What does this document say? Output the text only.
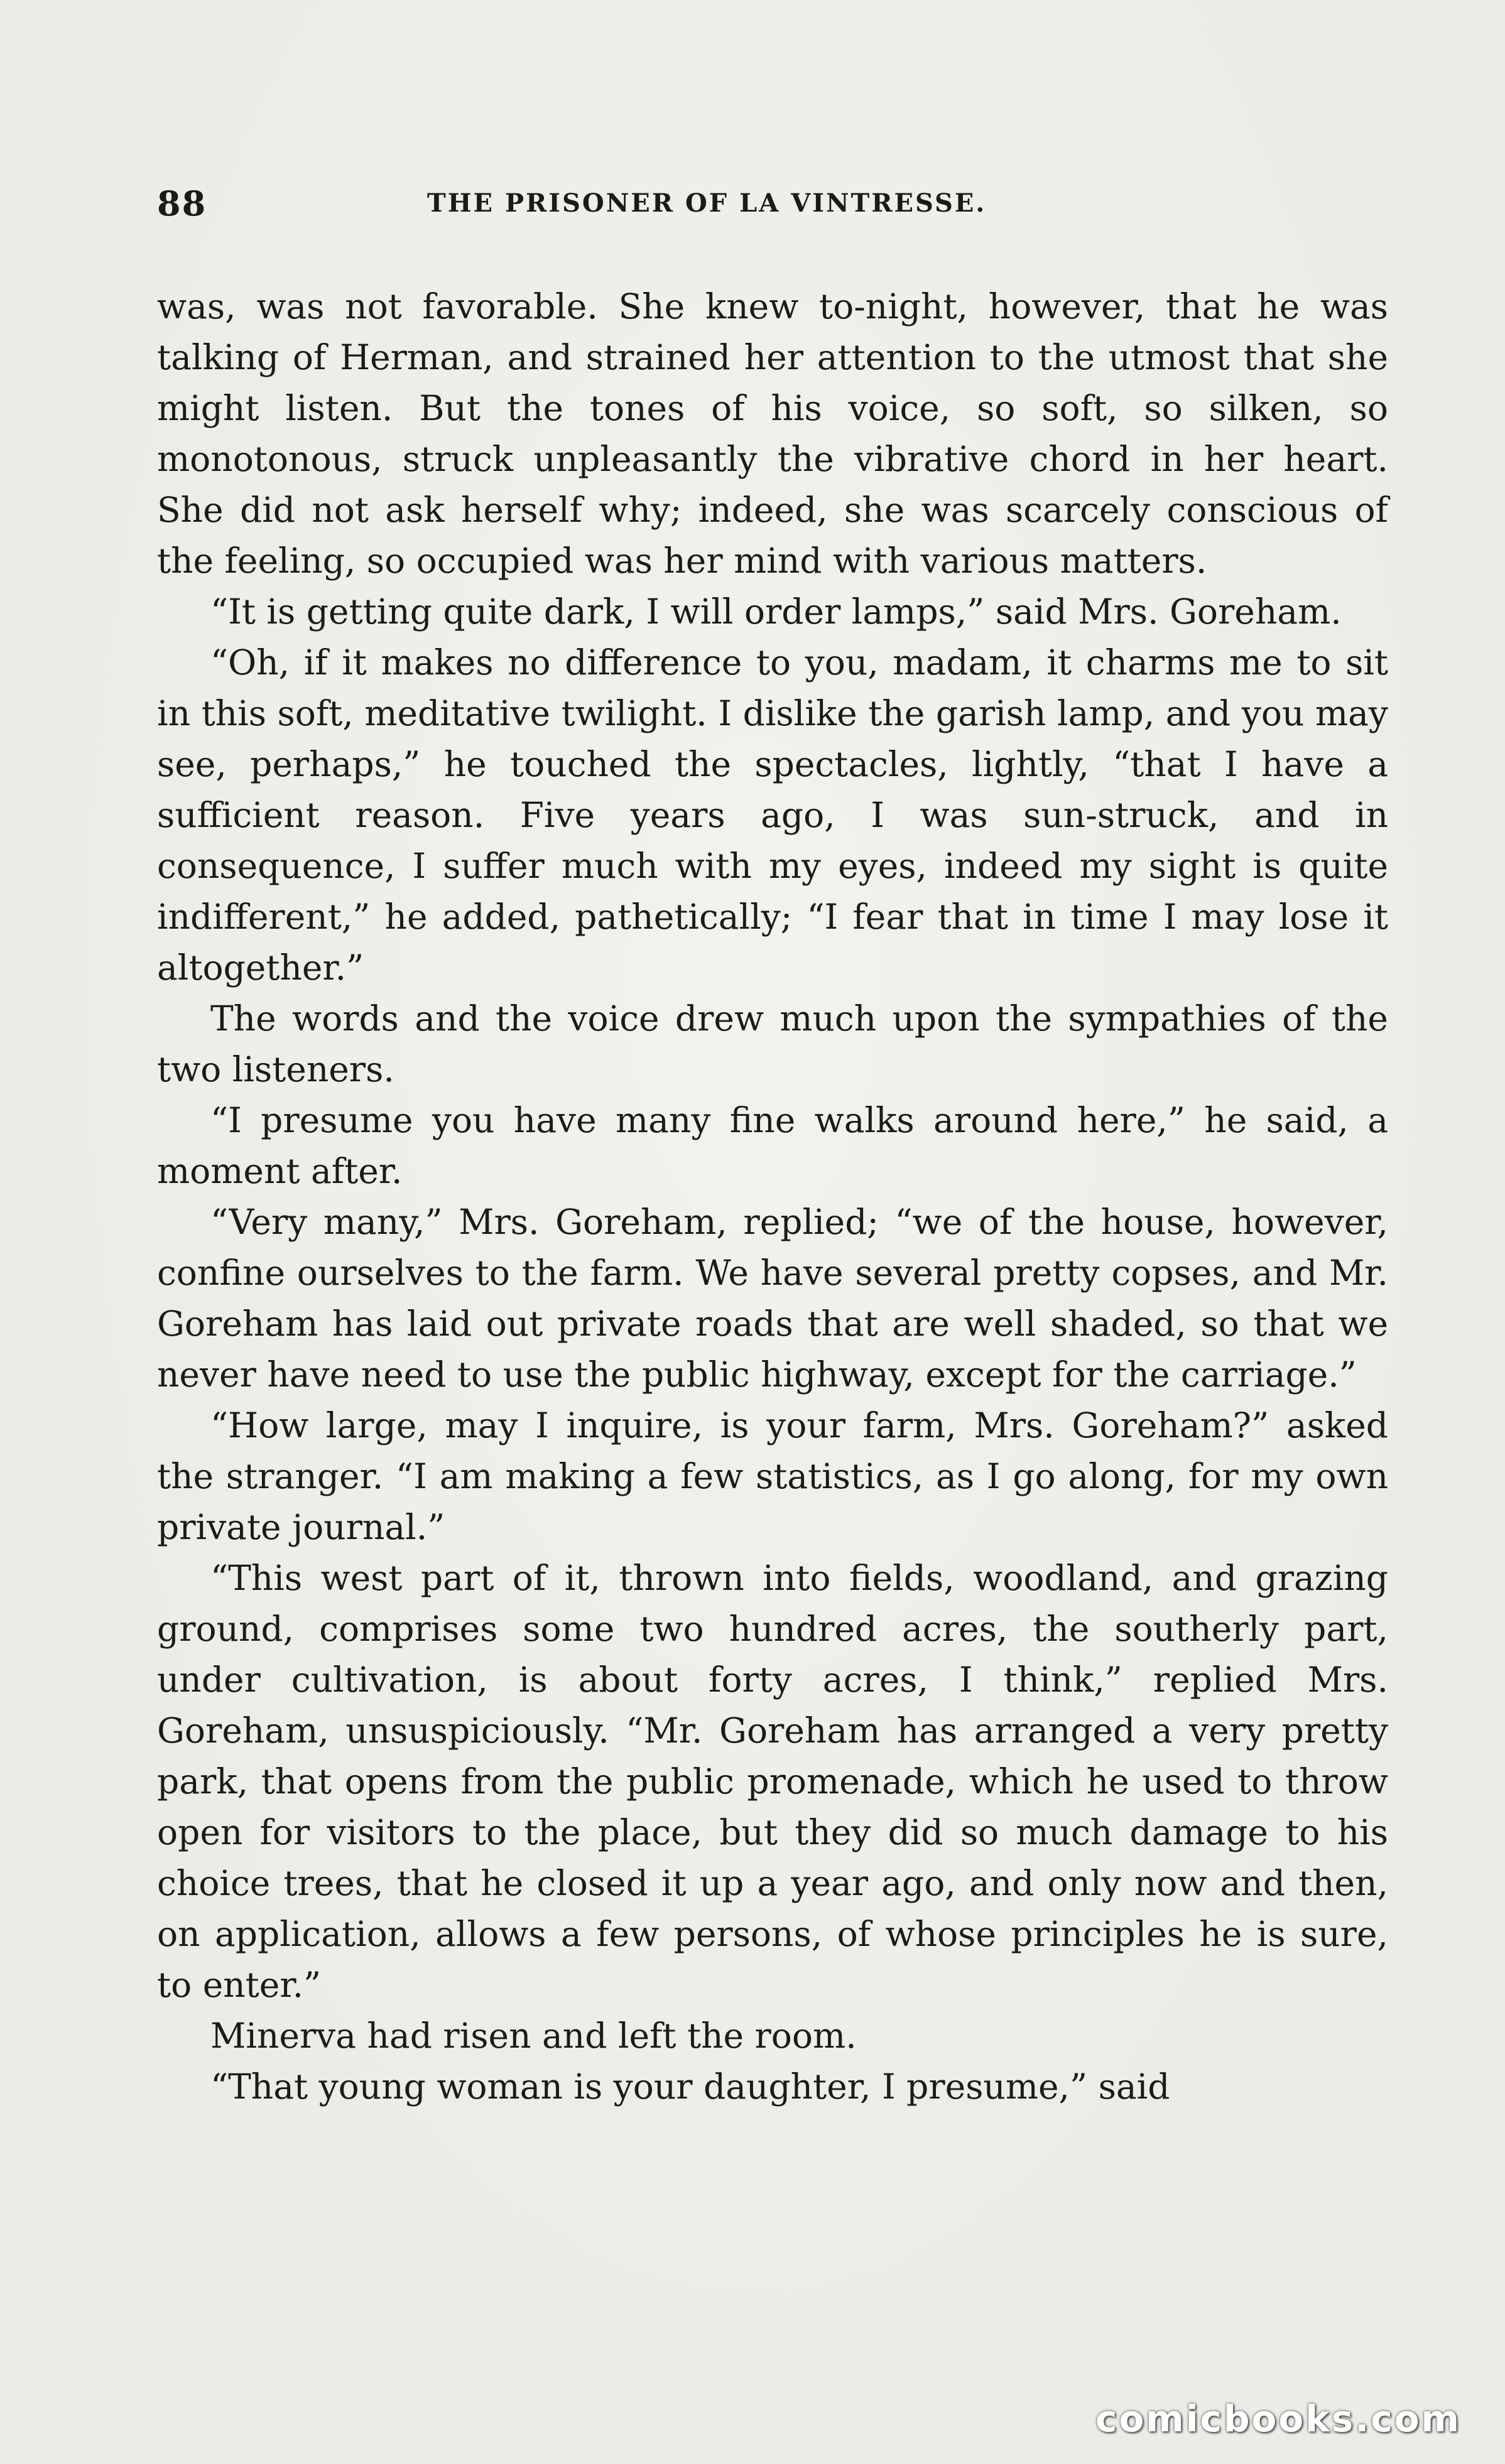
88	THE PRISONER OF LA VINTRESSE.

was, was not favorable. She knew to-night, however, that he was talking of Herman, and strained her attention to the utmost that she might listen. But the tones of his voice, so soft, so silken, so monotonous, struck unpleasantly the vibrative chord in her heart. She did not ask herself why; indeed, she was scarcely conscious of the feeling, so occupied was her mind with various matters.

“It is getting quite dark, I will order lamps,” said Mrs. Goreham.

“Oh, if it makes no difference to you, madam, it charms me to sit in this soft, meditative twilight. I dislike the garish lamp, and you may see, perhaps,” he touched the spectacles, lightly, “that I have a sufficient reason. Five years ago, I was sun-struck, and in consequence, I suffer much with my eyes, indeed my sight is quite indifferent,” he added, pathetically; “I fear that in time I may lose it altogether.”

The words and the voice drew much upon the sympathies of the two listeners.

“I presume you have many fine walks around here,” he said, a moment after.

“Very many,” Mrs. Goreham, replied; “we of the house, however, confine ourselves to the farm. We have several pretty copses, and Mr. Goreham has laid out private roads that are well shaded, so that we never have need to use the public highway, except for the carriage.”

“How large, may I inquire, is your farm, Mrs. Goreham?” asked the stranger. “I am making a few statistics, as I go along, for my own private journal.”

“This west part of it, thrown into fields, woodland, and grazing ground, comprises some two hundred acres, the southerly part, under cultivation, is about forty acres, I think,” replied Mrs. Goreham, unsuspiciously. “Mr. Goreham has arranged a very pretty park, that opens from the public promenade, which he used to throw open for visitors to the place, but they did so much damage to his choice trees, that he closed it up a year ago, and only now and then, on application, allows a few persons, of whose principles he is sure, to enter.”

Minerva had risen and left the room.

“That young woman is your daughter, I presume,” said

comicbooks.com
